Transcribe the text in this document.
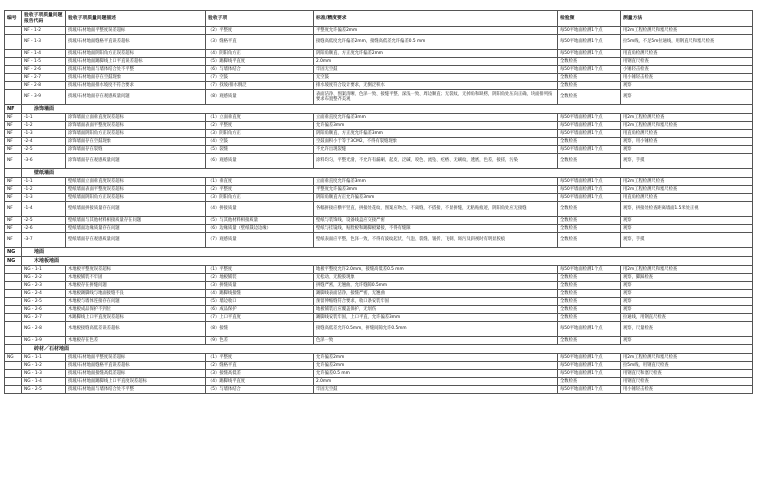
编号	验收子项质量问题报告代码	验收子项质量问题描述	验收子项	标准/精度要求	检验频	测量方法
	NF - 1-2	找坡/石材地面平整度误差超标	（2）平整度	平整度允许偏差2mm	每50平地面检测1个点	用2m工程检测尺和塞尺检查
	NF - 1-3	找坡/石材地面缝格平直误差超标	（3）缝格平直	接缝高低度允许偏差2mm，接缝高低差允许偏差0.5 mm	每50平地面检测1个点	拉5m线，不足5m拉通线，用钢直尺和塞尺检查
	NF - 1-4	找坡/石材地面阴阳角方正误差超标	（4）阴阳角方正	阴阳角顺直、方正度允许偏差2mm	每50平地面检测1个点	用直角检测尺检查
	NF - 1-5	找坡/石材地面踢脚线上口平直误差超标	（5）踢脚线平直度	2.0mm	全数检查	用钢直尺检查
	NF - 2-6	找坡/石材地面与墙体结合处不平整	（6）与墙体结合	牢固无空鼓	每50平地面检测1个点	小锤轻击检查
	NF - 2-7	找坡/石材地面存在空鼓现象	（7）空鼓	无空鼓	全数检查	用小锤轻击检查
	NF - 2-8	找坡/石材地面排水坡度不符合要求	（7）找坡/排水倒泛	排水坡度符合设计要求，无倒泛积水	全数检查	观察
	NF - 3-9	找坡/石材地面存在观感质量问题	（8）观感质量	表面洁净、图案清晰、色泽一致、接缝平整、深浅一致、周边顺直；无裂纹、无掉角和缺楞，阴阳角处压向正确，块面排列按要求布置整齐美观	全数检查	观察
NF	涂饰墙面					
NF	-1-1	涂饰墙面立面垂直度误差超标	（1）立面垂直度	立面垂直度允许偏差3mm	每50平墙面检测1个点	用2m工程检测尺检查
NF	-1-2	涂饰墙面表面平整度误差超标	（2）平整度	允许偏差3mm	每50平墙面检测1个点	用2m工程检测尺和塞尺检查
NF	-1-3	涂饰墙面阴阳角方正误差超标	（3）阴阳角方正	阴阳角顺直、方正度允许偏差3mm	每50平墙面检测1个点	用直角检测尺检查
NF	-2-4	涂饰墙面存在空鼓现象	（4）空鼓	空鼓面积小于等于3CM2，不得有裂缝现象	全数检查	观察，用小锤检查
NF	-2-5	涂饰墙面存在裂缝	（5）裂缝	不允许出现裂缝	每50平墙面检测1个点	观察
NF	-3-6	涂饰墙面存在观感质量问题	（6）观感质量	涂料均匀，平整光滑，不允许有漏刷、起皮、泛碱、咬色、流坠、疙瘩、无刷纹，透底，色差，接搓，污染	全数检查	观察，手摸
	壁纸墙面					
NF	-1-1	壁纸墙面立面垂直度误差超标	（1）垂直度	立面垂直度允许偏差3mm	每50平墙面检测1个点	用2m工程检测尺检查
NF	-1-2	壁纸墙面表面平整度误差超标	（2）平整度	平整度允许偏差3mm	每50平墙面检测1个点	用2m工程检测尺和塞尺检查
NF	-1-3	壁纸墙面阴阳角方正误差超标	（3）阴阳角方正	阴阳角顺直方正允许偏差3mm	每50平墙面检测1个点	用直角检测尺检查
NF	-1-4	壁纸墙面拼接质量存在问题	（4）拼接质量	各幅拼接应横平竖直，拼接处花纹、图案应吻合，不离缝，不搭接，不显拼缝，无粘贴痕迹，阴阳角处应无接缝	全数检查	观察，拼接处检查距离墙面1.5米处正视
NF	-2-5	壁纸墙面与其他材料相接质量存在问题	（5）与其他材料相接质量	壁纸与装饰线、设备线盒应交接严密	全数检查	观察
NF	-2-6	壁纸墙面边缘质量存在问题	（6）边缘质量（壁纸裁边边缘）	壁纸与挂镜线、贴脸板和踢脚板紧接，不得有缝隙	全数检查	观察
NF	-3-7	壁纸墙面存在观感质量问题	（7）观感质量	壁纸表面应平整，色泽一致，不得有波纹起伏、气泡、裂缝、皱折、飞刺、斑污及斜视时有明显胶痕	全数检查	观察，手摸
NG	地面					
NG	木地板地面					
	NG - 1-1	木地板平整度误差超标	（1）平整度	地板平整度允许2.0mm，接缝高低差0.5 mm	每50平地面检测1个点	用2m工程检测尺和塞尺检查
	NG - 2-2	木地板铺装不牢固	（2）地板铺装	无松动、无脱胶现象	全数检查	观察，脚踩检查
	NG - 2-3	木地板存在拼缝问题	（3）拼缝质量	拼缝严密，无翘曲，允许缝隙0.5mm	全数检查	观察
	NG - 2-4	木地板踢脚线与地面接缝不良	（4）踢脚线接缝	踢脚线表面洁净，接缝严密，无翘曲	全数检查	观察
	NG - 2-5	木地板与墙体连接存在问题	（5）墙边收口	预留伸缩缝符合要求，收口条安装牢固	全数检查	观察
	NG - 2-6	木地板成品保护不到位	（6）成品保护	地板铺装后应覆盖保护，无划伤	全数检查	观察
	NG - 2-7	木踢脚线上口平直度误差超标	（7）上口平直度	踢脚线安装牢固，上口平直，允许偏差3mm	全数检查	拉通线，用钢直尺检查
	NG - 2-8	木地板接缝高低差误差超标	（8）接缝	接缝高低差允许0.5mm，拼缝间隙允许0.5mm	每50平地面检测1个点	观察，尺量检查
	NG - 3-9	木地板存在色差	（9）色差	色泽一致	全数检查	观察
	砖材／石材地面					
NG	NG - 1-1	找坡/石材地面平整度误差超标	（1）平整度	允许偏差2mm	每50平地面检测1个点	用2m工程检测尺和塞尺检查
	NG - 1-2	找坡/石材地面缝格平直误差超标	（2）缝格平直	允许偏差2mm	每50平地面检测1个点	拉5m线，用钢直尺检查
	NG - 1-3	找坡/石材地面接缝高低差超标	（3）接缝高低差	允许偏差0.5 mm	每50平地面检测1个点	用钢直尺和塞尺检查
	NG - 1-4	找坡/石材地面踢脚线上口平直度误差超标	（4）踢脚线平直度	2.0mm	全数检查	用钢直尺检查
	NG - 2-5	找坡/石材地面与墙体结合处不平整	（5）与墙体结合	牢固无空鼓	每50平地面检测1个点	用小锤轻击检查
